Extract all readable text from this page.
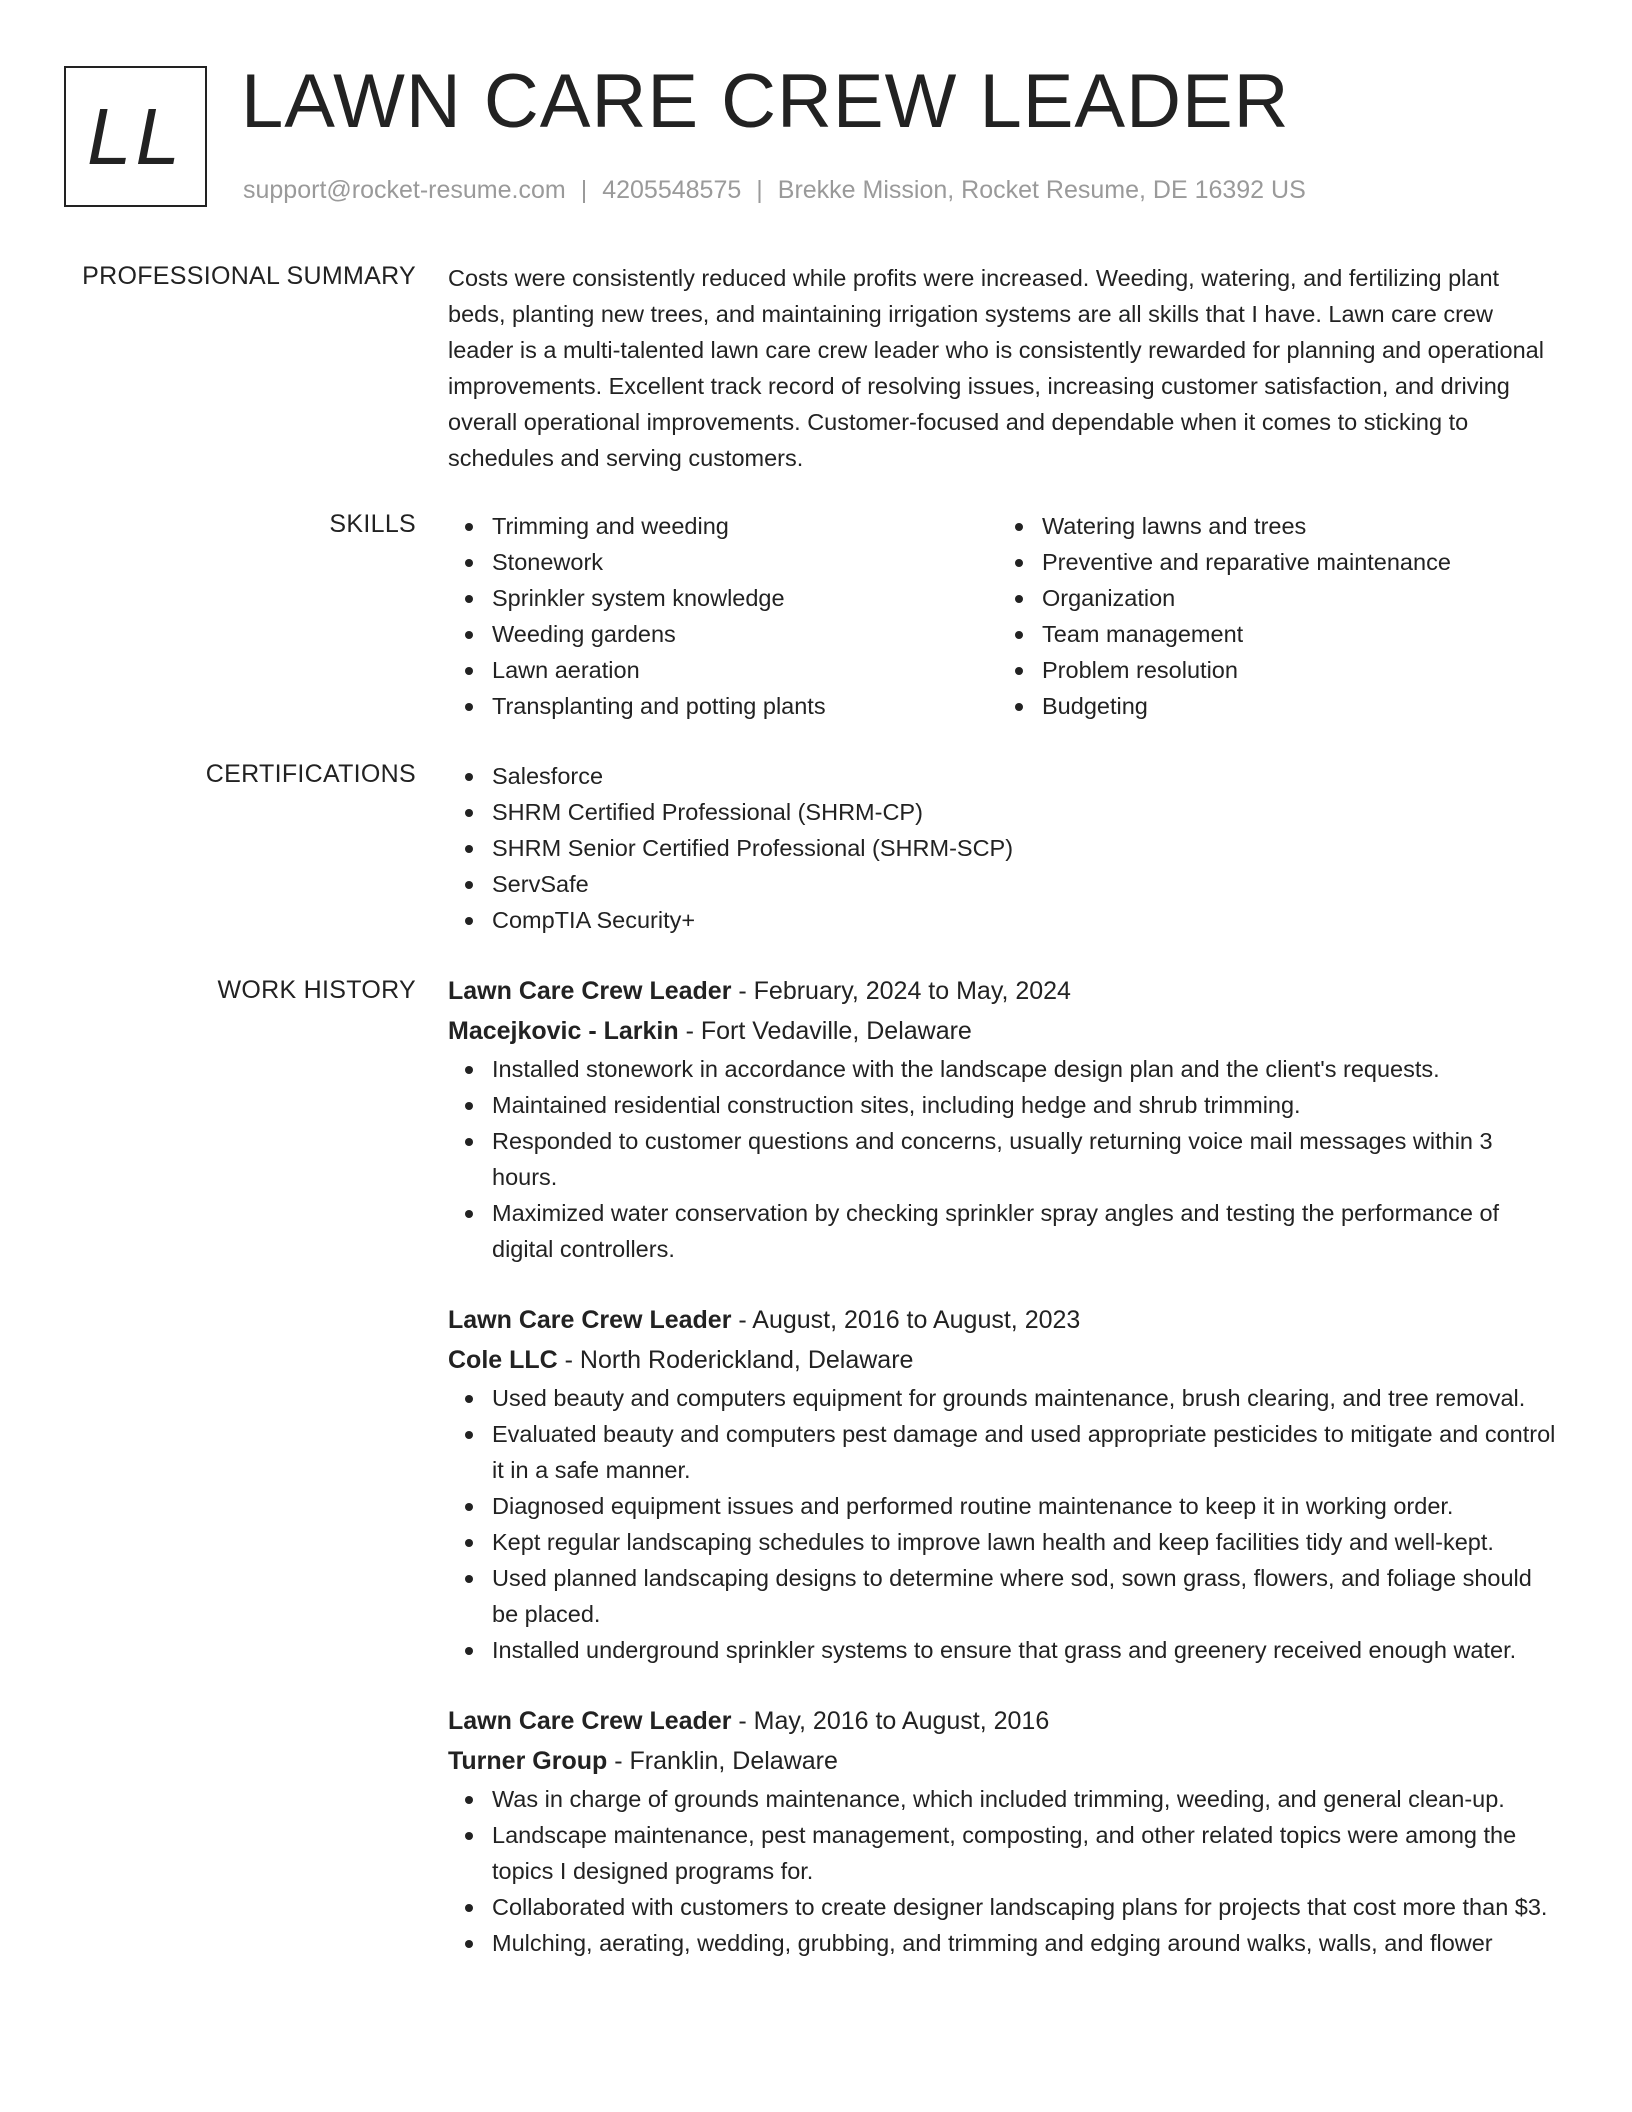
LL LAWN CARE CREW LEADER
support@rocket-resume.com | 4205548575 | Brekke Mission, Rocket Resume, DE 16392 US
PROFESSIONAL SUMMARY Costs were consistently reduced while profits were increased. Weeding, watering, and fertilizing plant beds, planting new trees, and maintaining irrigation systems are all skills that I have. Lawn care crew leader is a multi-talented lawn care crew leader who is consistently rewarded for planning and operational improvements. Excellent track record of resolving issues, increasing customer satisfaction, and driving overall operational improvements. Customer-focused and dependable when it comes to sticking to schedules and serving customers.

SKILLS	Trimming and weeding
Stonework
Sprinkler system knowledge
Weeding gardens
Lawn aeration
Transplanting and potting plants
Watering lawns and trees
Preventive and reparative maintenance
Organization
Team management
Problem resolution
Budgeting
CERTIFICATIONS	Salesforce
SHRM Certified Professional (SHRM-CP)
SHRM Senior Certified Professional (SHRM-SCP)
ServSafe
CompTIA Security+
WORK HISTORY Lawn Care Crew Leader - February, 2024 to May, 2024
Macejkovic - Larkin - Fort Vedaville, Delaware
Installed stonework in accordance with the landscape design plan and the client's requests.
Maintained residential construction sites, including hedge and shrub trimming.
Responded to customer questions and concerns, usually returning voice mail messages within 3 hours.
Maximized water conservation by checking sprinkler spray angles and testing the performance of digital controllers.
Lawn Care Crew Leader - August, 2016 to August, 2023
Cole LLC - North Roderickland, Delaware
Used beauty and computers equipment for grounds maintenance, brush clearing, and tree removal.
Evaluated beauty and computers pest damage and used appropriate pesticides to mitigate and control it in a safe manner.
Diagnosed equipment issues and performed routine maintenance to keep it in working order.
Kept regular landscaping schedules to improve lawn health and keep facilities tidy and well-kept.
Used planned landscaping designs to determine where sod, sown grass, flowers, and foliage should be placed.
Installed underground sprinkler systems to ensure that grass and greenery received enough water.
Lawn Care Crew Leader - May, 2016 to August, 2016
Turner Group - Franklin, Delaware
Was in charge of grounds maintenance, which included trimming, weeding, and general clean-up.
Landscape maintenance, pest management, composting, and other related topics were among the topics I designed programs for.
Collaborated with customers to create designer landscaping plans for projects that cost more than $3.
Mulching, aerating, wedding, grubbing, and trimming and edging around walks, walls, and flower
